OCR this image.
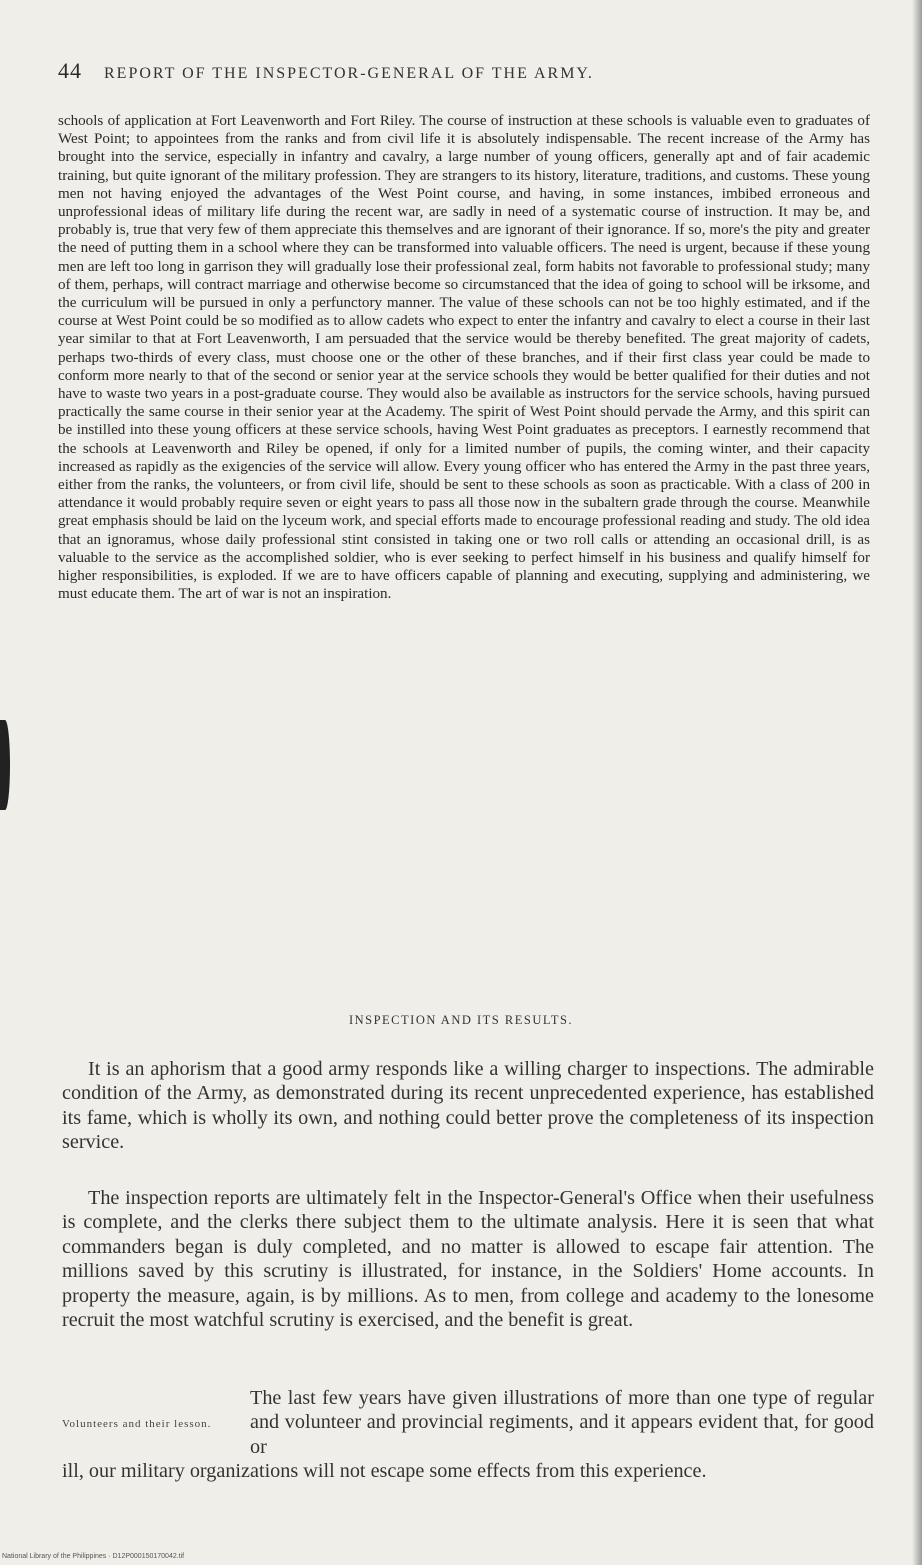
44 REPORT OF THE INSPECTOR-GENERAL OF THE ARMY.
schools of application at Fort Leavenworth and Fort Riley. The course of instruction at these schools is valuable even to graduates of West Point; to appointees from the ranks and from civil life it is absolutely indispensable. The recent increase of the Army has brought into the service, especially in infantry and cavalry, a large number of young officers, generally apt and of fair academic training, but quite ignorant of the military profession. They are strangers to its history, literature, traditions, and customs. These young men not having enjoyed the advantages of the West Point course, and having, in some instances, imbibed erroneous and unprofessional ideas of military life during the recent war, are sadly in need of a systematic course of instruction. It may be, and probably is, true that very few of them appreciate this themselves and are ignorant of their ignorance. If so, more's the pity and greater the need of putting them in a school where they can be transformed into valuable officers. The need is urgent, because if these young men are left too long in garrison they will gradually lose their professional zeal, form habits not favorable to professional study; many of them, perhaps, will contract marriage and otherwise become so circumstanced that the idea of going to school will be irksome, and the curriculum will be pursued in only a perfunctory manner. The value of these schools can not be too highly estimated, and if the course at West Point could be so modified as to allow cadets who expect to enter the infantry and cavalry to elect a course in their last year similar to that at Fort Leavenworth, I am persuaded that the service would be thereby benefited. The great majority of cadets, perhaps two-thirds of every class, must choose one or the other of these branches, and if their first class year could be made to conform more nearly to that of the second or senior year at the service schools they would be better qualified for their duties and not have to waste two years in a post-graduate course. They would also be available as instructors for the service schools, having pursued practically the same course in their senior year at the Academy. The spirit of West Point should pervade the Army, and this spirit can be instilled into these young officers at these service schools, having West Point graduates as preceptors. I earnestly recommend that the schools at Leavenworth and Riley be opened, if only for a limited number of pupils, the coming winter, and their capacity increased as rapidly as the exigencies of the service will allow. Every young officer who has entered the Army in the past three years, either from the ranks, the volunteers, or from civil life, should be sent to these schools as soon as practicable. With a class of 200 in attendance it would probably require seven or eight years to pass all those now in the subaltern grade through the course. Meanwhile great emphasis should be laid on the lyceum work, and special efforts made to encourage professional reading and study. The old idea that an ignoramus, whose daily professional stint consisted in taking one or two roll calls or attending an occasional drill, is as valuable to the service as the accomplished soldier, who is ever seeking to perfect himself in his business and qualify himself for higher responsibilities, is exploded. If we are to have officers capable of planning and executing, supplying and administering, we must educate them. The art of war is not an inspiration.
INSPECTION AND ITS RESULTS.
It is an aphorism that a good army responds like a willing charger to inspections. The admirable condition of the Army, as demonstrated during its recent unprecedented experience, has established its fame, which is wholly its own, and nothing could better prove the completeness of its inspection service.
The inspection reports are ultimately felt in the Inspector-General's Office when their usefulness is complete, and the clerks there subject them to the ultimate analysis. Here it is seen that what commanders began is duly completed, and no matter is allowed to escape fair attention. The millions saved by this scrutiny is illustrated, for instance, in the Soldiers' Home accounts. In property the measure, again, is by millions. As to men, from college and academy to the lonesome recruit the most watchful scrutiny is exercised, and the benefit is great.
Volunteers and their lesson.
The last few years have given illustrations of more than one type of regular and volunteer and provincial regiments, and it appears evident that, for good or
ill, our military organizations will not escape some effects from this experience.
National Library of the Philippines · D12P000150170042.tif
